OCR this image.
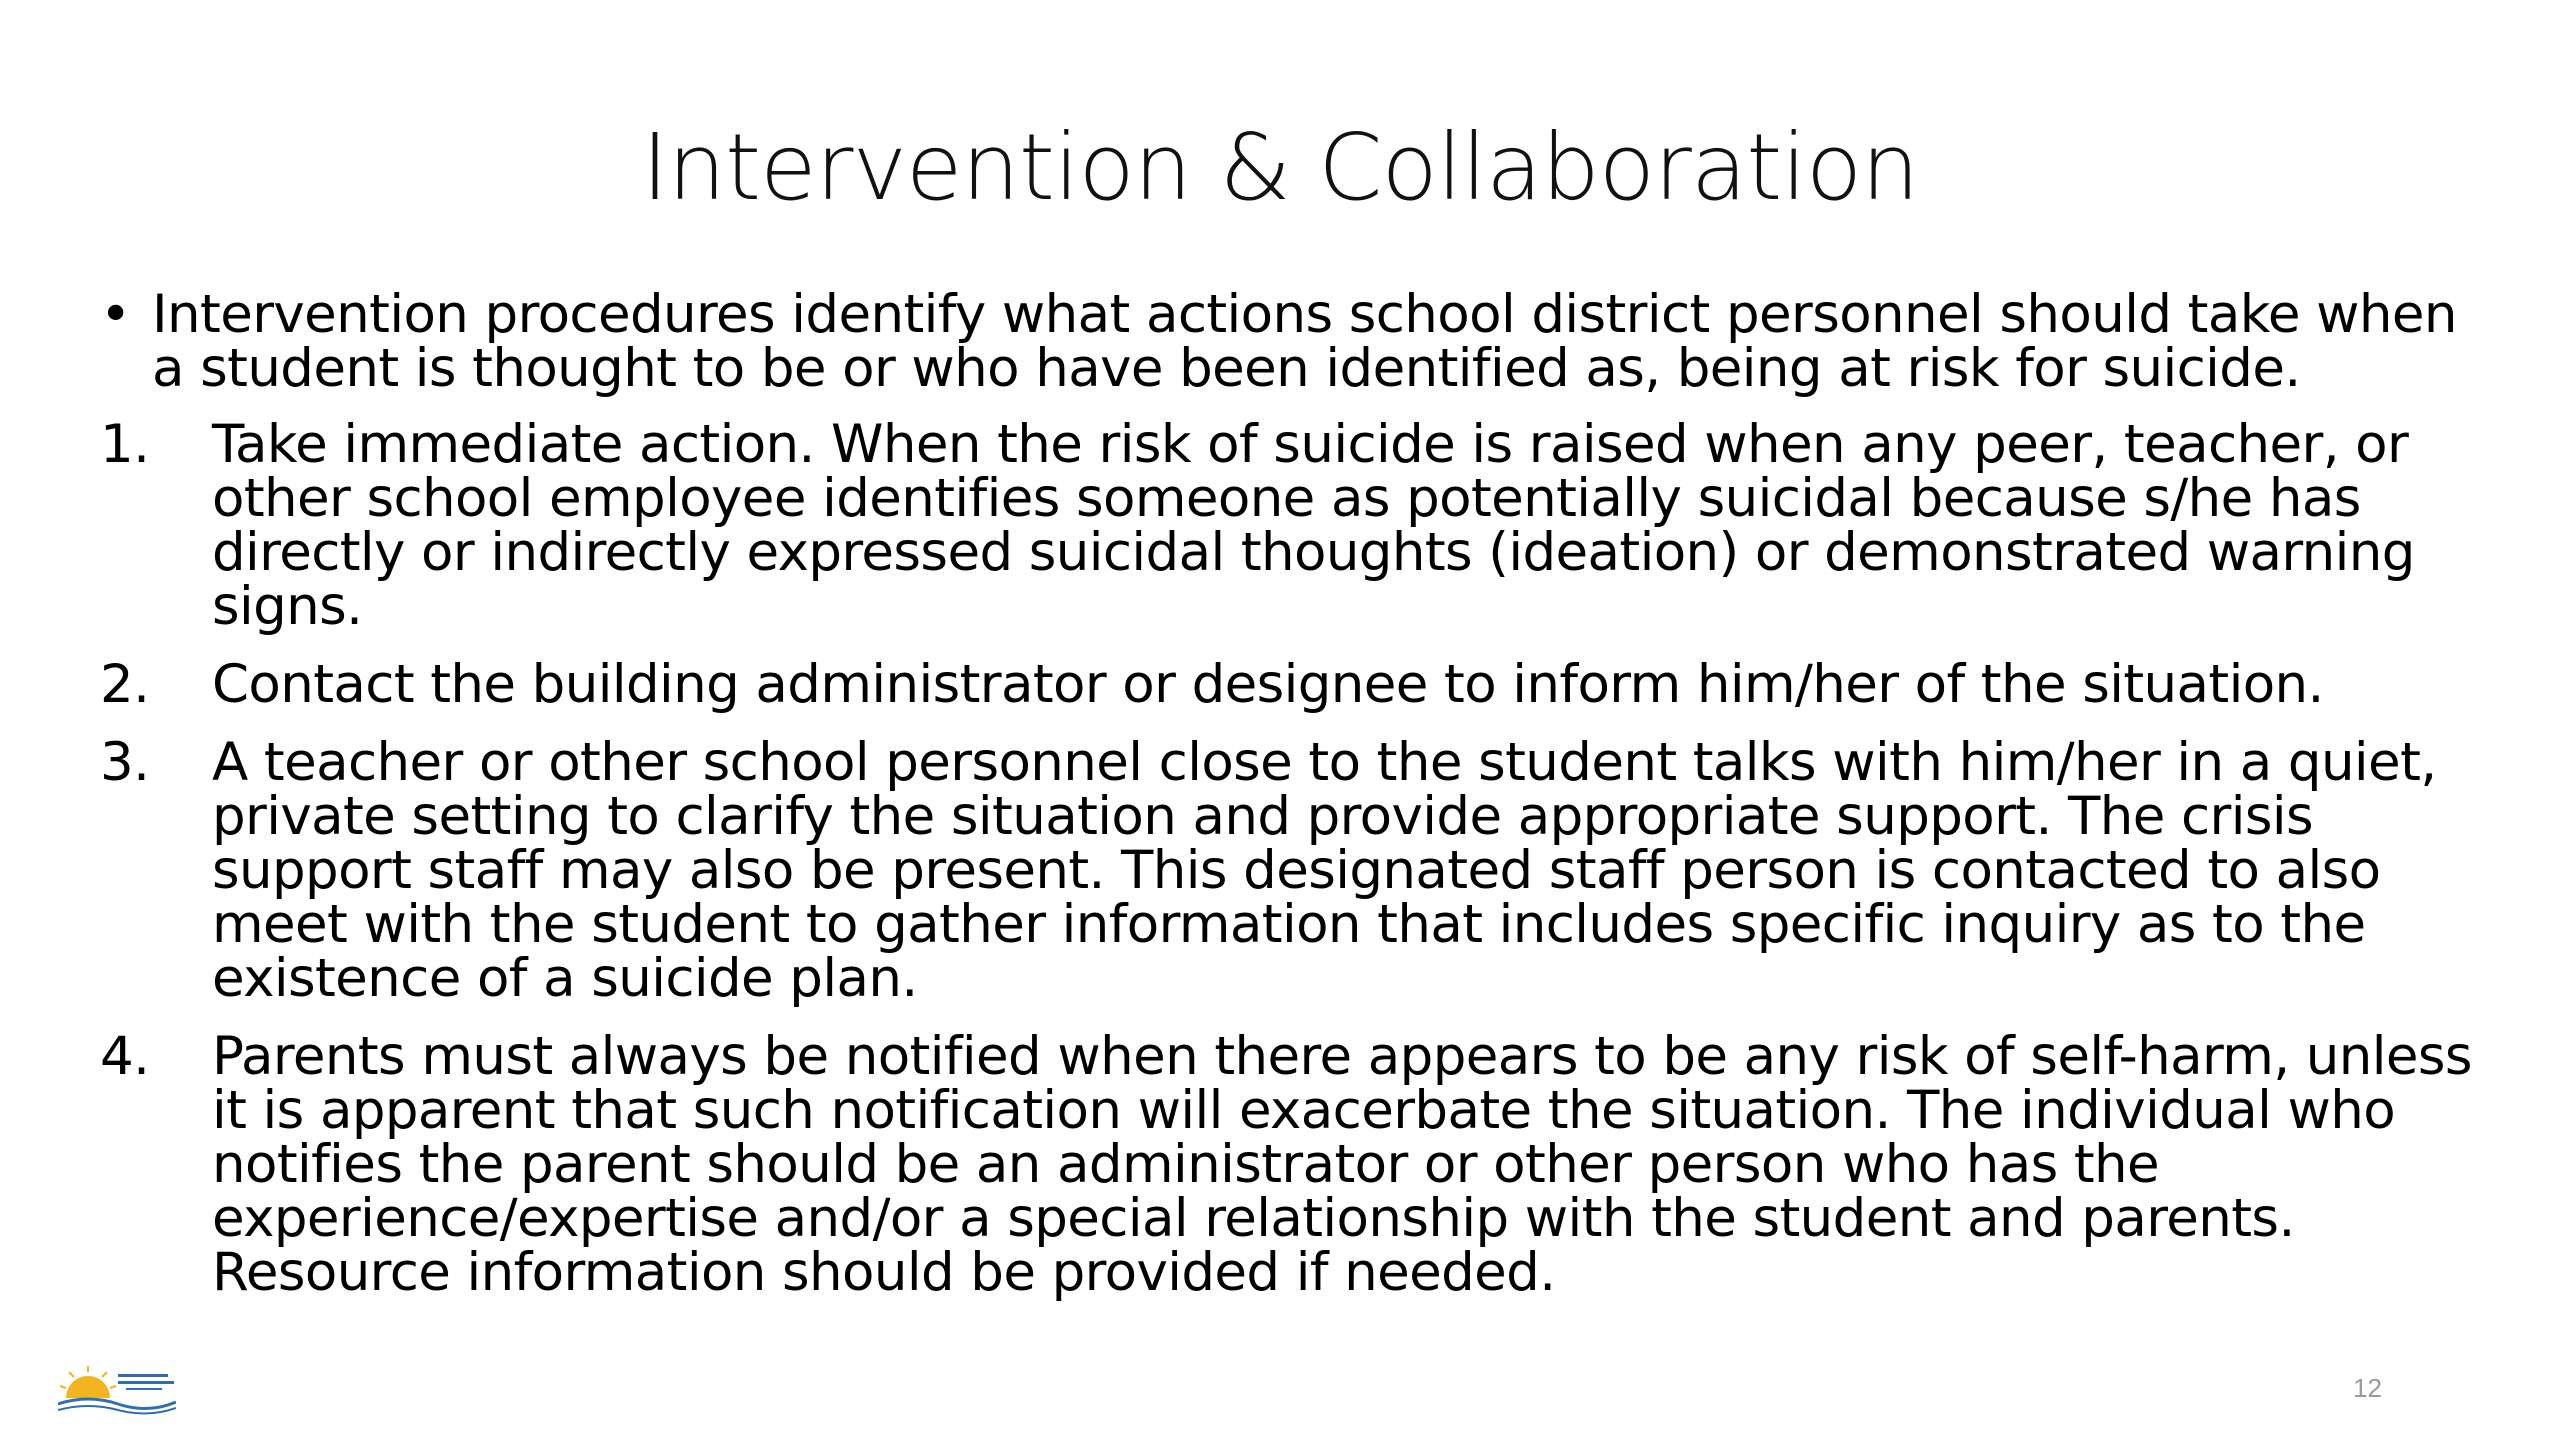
Intervention & Collaboration
• Intervention procedures identify what actions school district personnel should take when a student is thought to be or who have been identified as, being at risk for suicide.
1.	Take immediate action. When the risk of suicide is raised when any peer, teacher, or other school employee identifies someone as potentially suicidal because s/he has directly or indirectly expressed suicidal thoughts (ideation) or demonstrated warning signs.
2.	Contact the building administrator or designee to inform him/her of the situation.
3.	A teacher or other school personnel close to the student talks with him/her in a quiet, private setting to clarify the situation and provide appropriate support. The crisis support staff may also be present. This designated staff person is contacted to also meet with the student to gather information that includes specific inquiry as to the existence of a suicide plan.
4.	Parents must always be notified when there appears to be any risk of self-harm, unless it is apparent that such notification will exacerbate the situation. The individual who notifies the parent should be an administrator or other person who has the experience/expertise and/or a special relationship with the student and parents. Resource information should be provided if needed.
12
